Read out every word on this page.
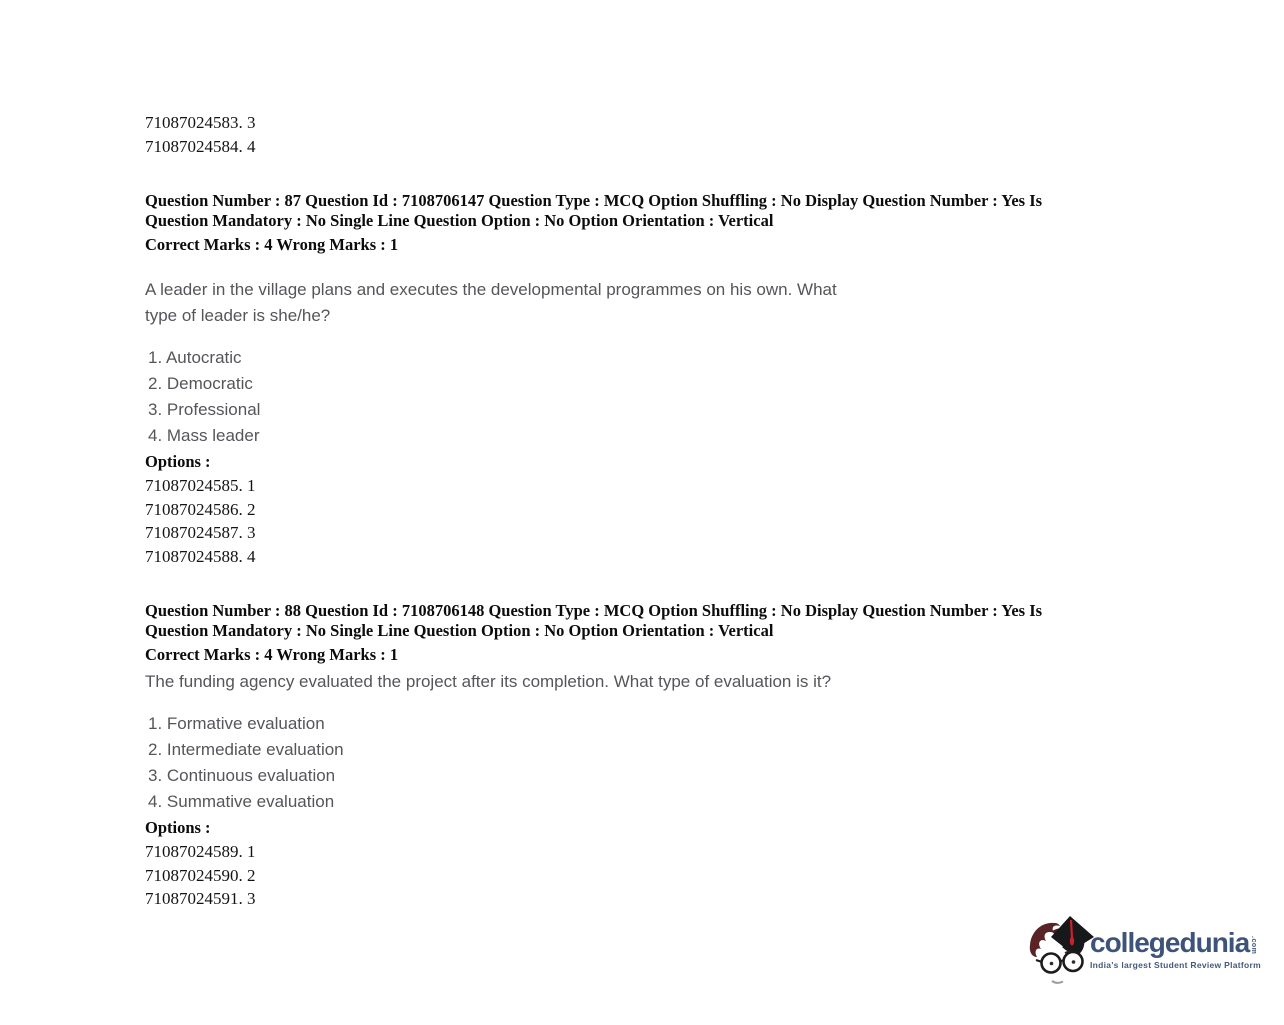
71087024583. 3
71087024584. 4
Question Number : 87 Question Id : 7108706147 Question Type : MCQ Option Shuffling : No Display Question Number : Yes Is
Question Mandatory : No Single Line Question Option : No Option Orientation : Vertical
Correct Marks : 4 Wrong Marks : 1
A leader in the village plans and executes the developmental programmes on his own. What
type of leader is she/he?
1. Autocratic
2. Democratic
3. Professional
4. Mass leader
Options :
71087024585. 1
71087024586. 2
71087024587. 3
71087024588. 4
Question Number : 88 Question Id : 7108706148 Question Type : MCQ Option Shuffling : No Display Question Number : Yes Is
Question Mandatory : No Single Line Question Option : No Option Orientation : Vertical
Correct Marks : 4 Wrong Marks : 1
The funding agency evaluated the project after its completion. What type of evaluation is it?
1. Formative evaluation
2. Intermediate evaluation
3. Continuous evaluation
4. Summative evaluation
Options :
71087024589. 1
71087024590. 2
71087024591. 3
collegedunia .com
India's largest Student Review Platform
